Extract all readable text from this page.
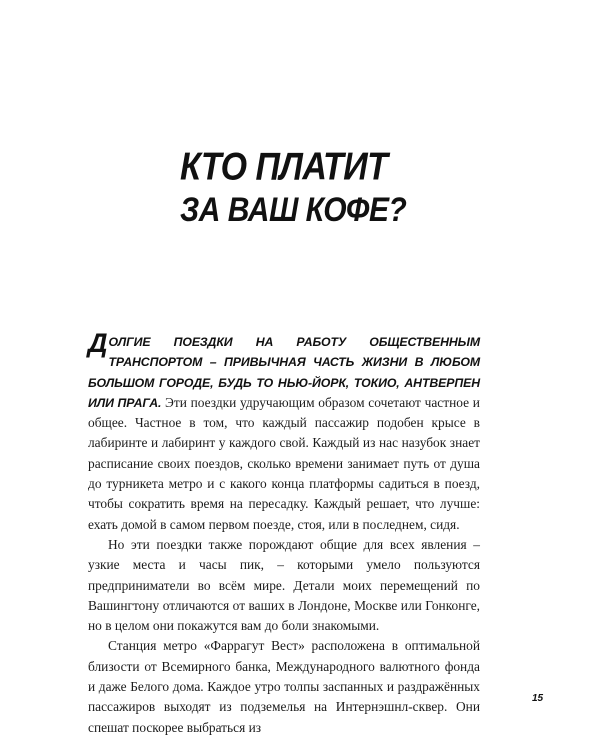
КТО ПЛАТИТ
ЗА ВАШ КОФЕ?

ДОЛГИЕ ПОЕЗДКИ НА РАБОТУ ОБЩЕСТВЕННЫМ ТРАНСПОРТОМ – ПРИВЫЧНАЯ ЧАСТЬ ЖИЗНИ В ЛЮБОМ БОЛЬШОМ ГОРОДЕ, БУДЬ ТО НЬЮ-ЙОРК, ТОКИО, АНТВЕРПЕН ИЛИ ПРАГА. Эти поездки удручающим образом сочетают частное и общее. Частное в том, что каждый пассажир подобен крысе в лабиринте и лабиринт у каждого свой. Каждый из нас назубок знает расписание своих поездов, сколько времени занимает путь от душа до турникета метро и с какого конца платформы садиться в поезд, чтобы сократить время на пересадку. Каждый решает, что лучше: ехать домой в самом первом поезде, стоя, или в последнем, сидя.

Но эти поездки также порождают общие для всех явления – узкие места и часы пик, – которыми умело пользуются предприниматели во всём мире. Детали моих перемещений по Вашингтону отличаются от ваших в Лондоне, Москве или Гонконге, но в целом они покажутся вам до боли знакомыми.

Станция метро «Фаррагут Вест» расположена в оптимальной близости от Всемирного банка, Международного валютного фонда и даже Белого дома. Каждое утро толпы заспанных и раздражённых пассажиров выходят из подземелья на Интернэшнл-сквер. Они спешат поскорее выбраться из

15
